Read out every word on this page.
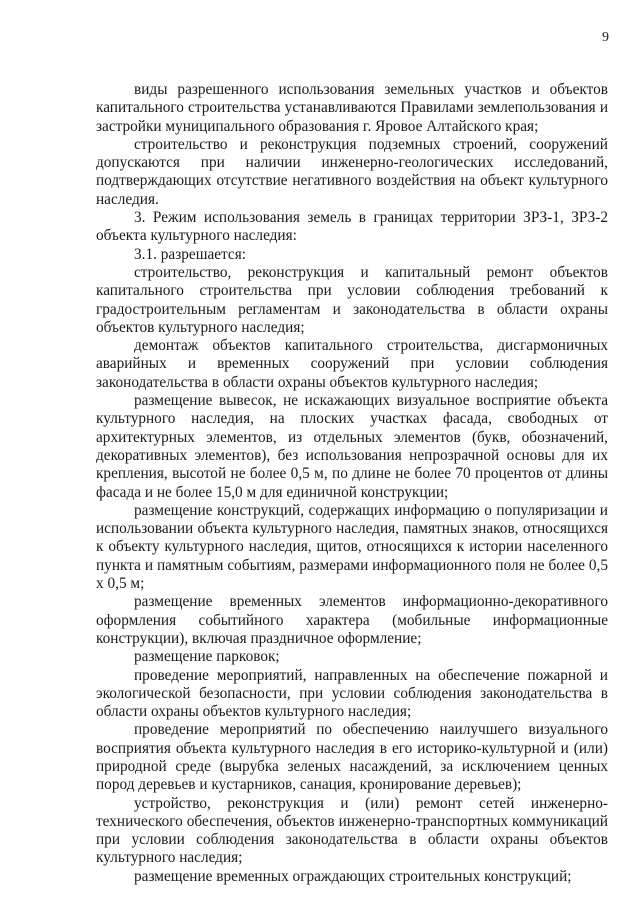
9

виды разрешенного использования земельных участков и объектов капитального строительства устанавливаются Правилами землепользования и застройки муниципального образования г. Яровое Алтайского края;

строительство и реконструкция подземных строений, сооружений допускаются при наличии инженерно-геологических исследований, подтверждающих отсутствие негативного воздействия на объект культурного наследия.

3. Режим использования земель в границах территории ЗРЗ-1, ЗРЗ-2 объекта культурного наследия:

3.1. разрешается:

строительство, реконструкция и капитальный ремонт объектов капитального строительства при условии соблюдения требований к градостроительным регламентам и законодательства в области охраны объектов культурного наследия;

демонтаж объектов капитального строительства, дисгармоничных аварийных и временных сооружений при условии соблюдения законодательства в области охраны объектов культурного наследия;

размещение вывесок, не искажающих визуальное восприятие объекта культурного наследия, на плоских участках фасада, свободных от архитектурных элементов, из отдельных элементов (букв, обозначений, декоративных элементов), без использования непрозрачной основы для их крепления, высотой не более 0,5 м, по длине не более 70 процентов от длины фасада и не более 15,0 м для единичной конструкции;

размещение конструкций, содержащих информацию о популяризации и использовании объекта культурного наследия, памятных знаков, относящихся к объекту культурного наследия, щитов, относящихся к истории населенного пункта и памятным событиям, размерами информационного поля не более 0,5 х 0,5 м;

размещение временных элементов информационно-декоративного оформления событийного характера (мобильные информационные конструкции), включая праздничное оформление;

размещение парковок;

проведение мероприятий, направленных на обеспечение пожарной и экологической безопасности, при условии соблюдения законодательства в области охраны объектов культурного наследия;

проведение мероприятий по обеспечению наилучшего визуального восприятия объекта культурного наследия в его историко-культурной и (или) природной среде (вырубка зеленых насаждений, за исключением ценных пород деревьев и кустарников, санация, кронирование деревьев);

устройство, реконструкция и (или) ремонт сетей инженерно-технического обеспечения, объектов инженерно-транспортных коммуникаций при условии соблюдения законодательства в области охраны объектов культурного наследия;

размещение временных ограждающих строительных конструкций;
